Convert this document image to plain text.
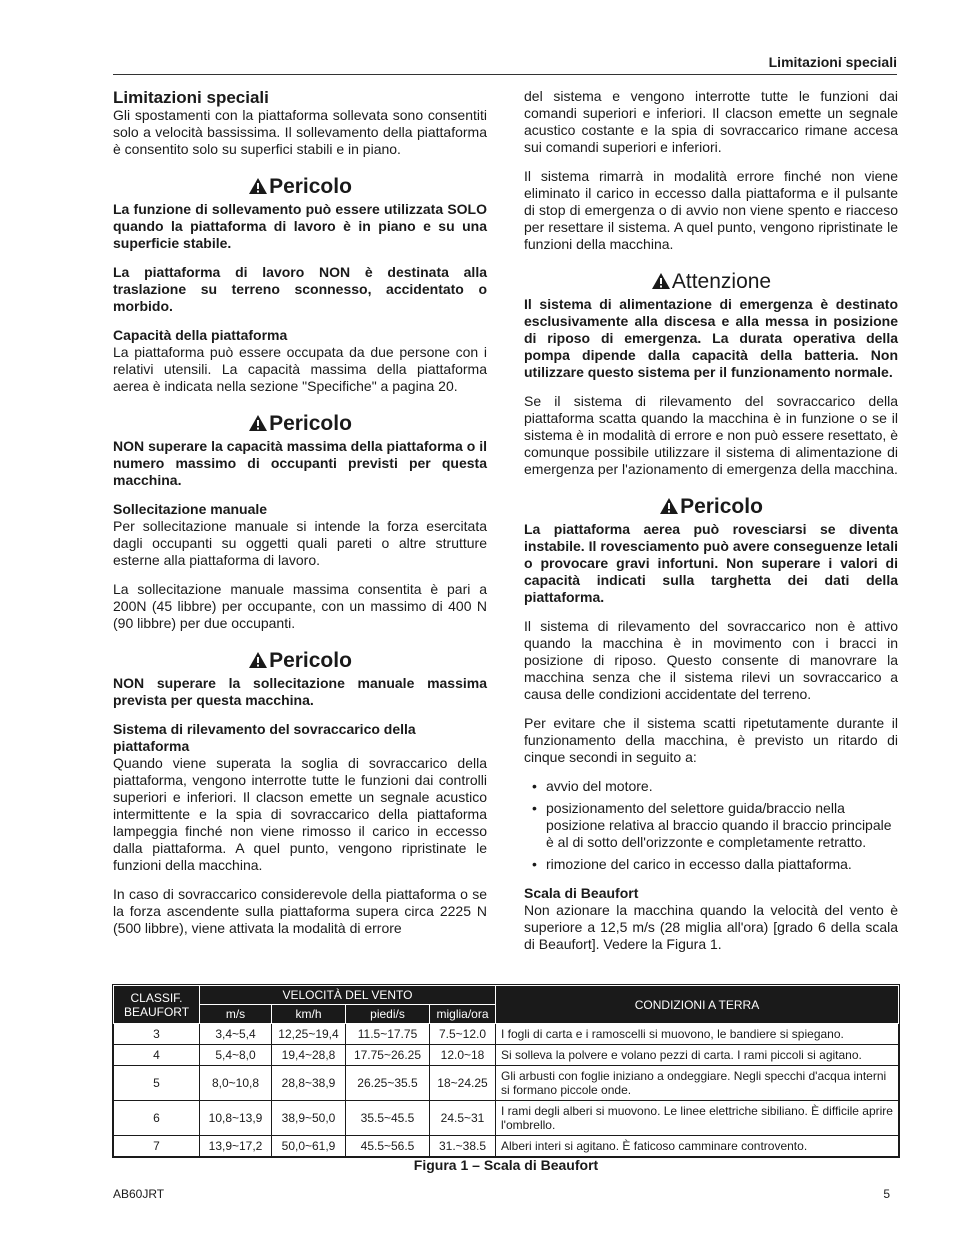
Limitazioni speciali
Limitazioni speciali

Gli spostamenti con la piattaforma sollevata sono consentiti solo a velocità bassissima. Il sollevamento della piattaforma è consentito solo su superfici stabili e in piano.

Pericolo

La funzione di sollevamento può essere utilizzata SOLO quando la piattaforma di lavoro è in piano e su una superficie stabile.

La piattaforma di lavoro NON è destinata alla traslazione su terreno sconnesso, accidentato o morbido.

Capacità della piattaforma

La piattaforma può essere occupata da due persone con i relativi utensili. La capacità massima della piattaforma aerea è indicata nella sezione "Specifiche" a pagina 20.

Pericolo

NON superare la capacità massima della piattaforma o il numero massimo di occupanti previsti per questa macchina.

Sollecitazione manuale

Per sollecitazione manuale si intende la forza esercitata dagli occupanti su oggetti quali pareti o altre strutture esterne alla piattaforma di lavoro.

La sollecitazione manuale massima consentita è pari a 200N (45 libbre) per occupante, con un massimo di 400 N (90 libbre) per due occupanti.

Pericolo

NON superare la sollecitazione manuale massima prevista per questa macchina.

Sistema di rilevamento del sovraccarico della piattaforma

Quando viene superata la soglia di sovraccarico della piattaforma, vengono interrotte tutte le funzioni dai controlli superiori e inferiori. Il clacson emette un segnale acustico intermittente e la spia di sovraccarico della piattaforma lampeggia finché non viene rimosso il carico in eccesso dalla piattaforma. A quel punto, vengono ripristinate le funzioni della macchina.

In caso di sovraccarico considerevole della piattaforma o se la forza ascendente sulla piattaforma supera circa 2225 N (500 libbre), viene attivata la modalità di errore

del sistema e vengono interrotte tutte le funzioni dai comandi superiori e inferiori. Il clacson emette un segnale acustico costante e la spia di sovraccarico rimane accesa sui comandi superiori e inferiori.

Il sistema rimarrà in modalità errore finché non viene eliminato il carico in eccesso dalla piattaforma e il pulsante di stop di emergenza o di avvio non viene spento e riacceso per resettare il sistema. A quel punto, vengono ripristinate le funzioni della macchina.

Attenzione

Il sistema di alimentazione di emergenza è destinato esclusivamente alla discesa e alla messa in posizione di riposo di emergenza. La durata operativa della pompa dipende dalla capacità della batteria. Non utilizzare questo sistema per il funzionamento normale.

Se il sistema di rilevamento del sovraccarico della piattaforma scatta quando la macchina è in funzione o se il sistema è in modalità di errore e non può essere resettato, è comunque possibile utilizzare il sistema di alimentazione di emergenza per l'azionamento di emergenza della macchina.

Pericolo

La piattaforma aerea può rovesciarsi se diventa instabile. Il rovesciamento può avere conseguenze letali o provocare gravi infortuni. Non superare i valori di capacità indicati sulla targhetta dei dati della piattaforma.

Il sistema di rilevamento del sovraccarico non è attivo quando la macchina è in movimento con i bracci in posizione di riposo. Questo consente di manovrare la macchina senza che il sistema rilevi un sovraccarico a causa delle condizioni accidentate del terreno.

Per evitare che il sistema scatti ripetutamente durante il funzionamento della macchina, è previsto un ritardo di cinque secondi in seguito a:

• avvio del motore.
• posizionamento del selettore guida/braccio nella posizione relativa al braccio quando il braccio principale è al di sotto dell'orizzonte e completamente retratto.
• rimozione del carico in eccesso dalla piattaforma.
Scala di Beaufort

Non azionare la macchina quando la velocità del vento è superiore a 12,5 m/s (28 miglia all'ora) [grado 6 della scala di Beaufort]. Vedere la Figura 1.

CLASSIF. BEAUFORT	VELOCITÀ DEL VENTO				CONDIZIONI A TERRA
	m/s	km/h	piedi/s	miglia/ora	
3	3,4~5,4	12,25~19,4	11.5~17.75	7.5~12.0	I fogli di carta e i ramoscelli si muovono, le bandiere si spiegano.
4	5,4~8,0	19,4~28,8	17.75~26.25	12.0~18	Si solleva la polvere e volano pezzi di carta. I rami piccoli si agitano.
5	8,0~10,8	28,8~38,9	26.25~35.5	18~24.25	Gli arbusti con foglie iniziano a ondeggiare. Negli specchi d'acqua interni si formano piccole onde.
6	10,8~13,9	38,9~50,0	35.5~45.5	24.5~31	I rami degli alberi si muovono. Le linee elettriche sibiliano. È difficile aprire l'ombrello.
7	13,9~17,2	50,0~61,9	45.5~56.5	31.~38.5	Alberi interi si agitano. È faticoso camminare controvento.
Figura 1 – Scala di Beaufort
AB60JRT	5
